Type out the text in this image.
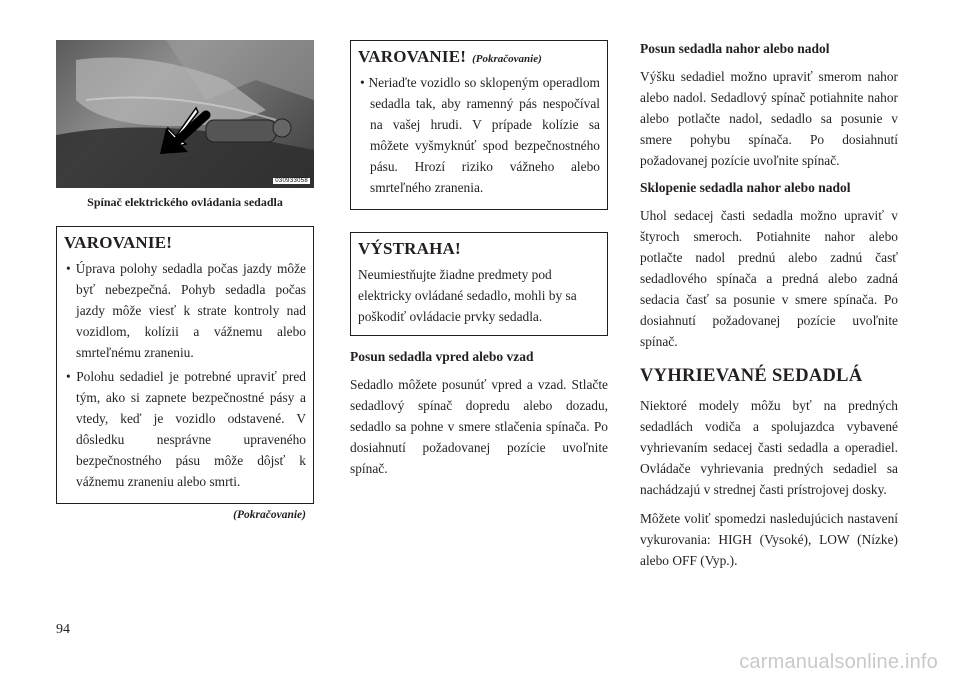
030933058
Spínač elektrického ovládania sedadla
VAROVANIE!
• Úprava polohy sedadla počas jazdy môže byť nebezpečná. Pohyb sedadla počas jazdy môže viesť k strate kontroly nad vozidlom, kolízii a vážnemu alebo smrteľnému zraneniu.
• Polohu sedadiel je potrebné upraviť pred tým, ako si zapnete bezpečnostné pásy a vtedy, keď je vozidlo odstavené. V dôsledku nesprávne upraveného bezpečnostného pásu môže dôjsť k vážnemu zraneniu alebo smrti.
(Pokračovanie)
VAROVANIE! (Pokračovanie)
• Neriaďte vozidlo so sklopeným operadlom sedadla tak, aby ramenný pás nespočíval na vašej hrudi. V prípade kolízie sa môžete vyšmyknúť spod bezpečnostného pásu. Hrozí riziko vážneho alebo smrteľného zranenia.
VÝSTRAHA!

Neumiestňujte žiadne predmety pod elektricky ovládané sedadlo, mohli by sa poškodiť ovládacie prvky sedadla.

Posun sedadla vpred alebo vzad

Sedadlo môžete posunúť vpred a vzad. Stlačte sedadlový spínač dopredu alebo dozadu, sedadlo sa pohne v smere stlačenia spínača. Po dosiahnutí požadovanej pozície uvoľnite spínač.

Posun sedadla nahor alebo nadol

Výšku sedadiel možno upraviť smerom nahor alebo nadol. Sedadlový spínač potiahnite nahor alebo potlačte nadol, sedadlo sa posunie v smere pohybu spínača. Po dosiahnutí požadovanej pozície uvoľnite spínač.

Sklopenie sedadla nahor alebo nadol

Uhol sedacej časti sedadla možno upraviť v štyroch smeroch. Potiahnite nahor alebo potlačte nadol prednú alebo zadnú časť sedadlového spínača a predná alebo zadná sedacia časť sa posunie v smere spínača. Po dosiahnutí požadovanej pozície uvoľnite spínač.

VYHRIEVANÉ SEDADLÁ

Niektoré modely môžu byť na predných sedadlách vodiča a spolujazdca vybavené vyhrievaním sedacej časti sedadla a operadiel. Ovládače vyhrievania predných sedadiel sa nachádzajú v strednej časti prístrojovej dosky.

Môžete voliť spomedzi nasledujúcich nastavení vykurovania: HIGH (Vysoké), LOW (Nízke) alebo OFF (Vyp.).

94
carmanualsonline.info
